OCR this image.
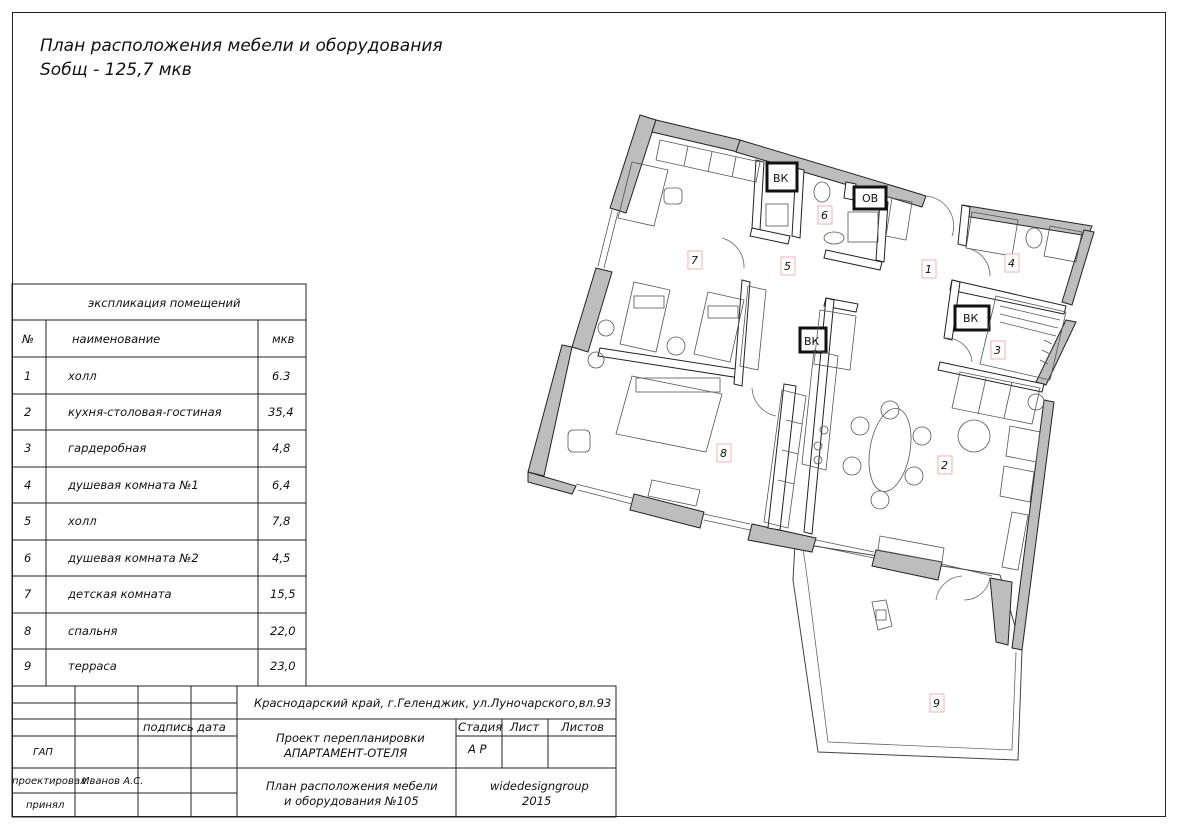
План расположения мебели и оборудования
Sобщ - 125,7 мкв
ВК
ОВ
ВК
ВК
1
2
3
4
5
6
7
8
9
экспликация помещений
№	наименование	мкв
1	холл	6.3
2	кухня-столовая-гостиная	35,4
3	гардеробная	4,8
4	душевая комната №1	6,4
5	холл	7,8
6	душевая комната №2	4,5
7	детская комната	15,5
8	спальня	22,0
9	терраса	23,0
Краснодарский край, г.Геленджик, ул.Луночарского,вл.93
подпись дата
ГАП
проектировал
Иванов А.С.
принял
Проект перепланировки
АПАРТАМЕНТ-ОТЕЛЯ
Стадия Лист Листов
А Р
План расположения мебели
и оборудования №105
widedesigngroup
2015
